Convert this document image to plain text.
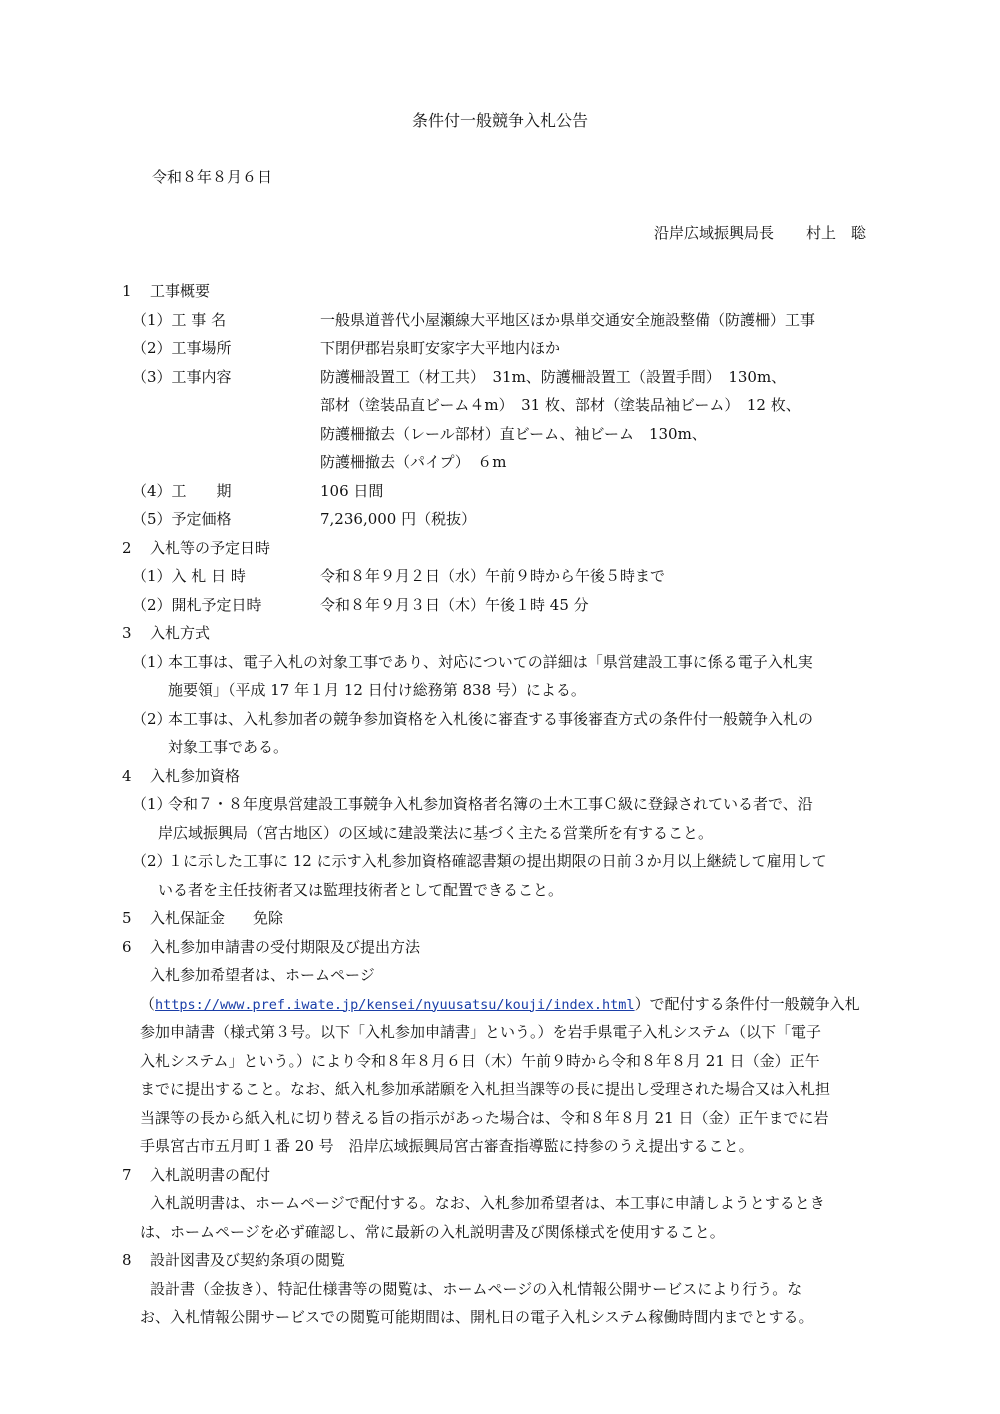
条件付一般競争入札公告
令和８年８月６日
沿岸広域振興局長 村上　聡
1 工事概要
（1）工 事 名	一般県道普代小屋瀬線大平地区ほか県単交通安全施設整備（防護柵）工事
（2）工事場所	下閉伊郡岩泉町安家字大平地内ほか
（3）工事内容	防護柵設置工（材工共）　31m、防護柵設置工（設置手間）　130m、
部材（塗装品直ビーム４m）　31 枚、部材（塗装品袖ビーム）　12 枚、
防護柵撤去（レール部材）直ビーム、袖ビーム　130m、
防護柵撤去（パイプ）　６m
（4）工　　期	106 日間
（5）予定価格	7,236,000 円（税抜）
2 入札等の予定日時
（1）入 札 日 時	令和８年９月２日（水）午前９時から午後５時まで
（2）開札予定日時	令和８年９月３日（木）午後１時 45 分
3 入札方式
（1）
本工事は、電子入札の対象工事であり、対応についての詳細は「県営建設工事に係る電子入札実
施要領」（平成 17 年１月 12 日付け総務第 838 号）による。
（2）
本工事は、入札参加者の競争参加資格を入札後に審査する事後審査方式の条件付一般競争入札の
対象工事である。
4 入札参加資格
（1）
令和７・８年度県営建設工事競争入札参加資格者名簿の土木工事Ｃ級に登録されている者で、沿
岸広域振興局（宮古地区）の区域に建設業法に基づく主たる営業所を有すること。
（2）
１に示した工事に 12 に示す入札参加資格確認書類の提出期限の日前３か月以上継続して雇用して
いる者を主任技術者又は監理技術者として配置できること。
5 入札保証金 免除
6 入札参加申請書の受付期限及び提出方法
入札参加希望者は、ホームページ
（https://www.pref.iwate.jp/kensei/nyuusatsu/kouji/index.html）で配付する条件付一般競争入札
参加申請書（様式第３号。以下「入札参加申請書」という。）を岩手県電子入札システム（以下「電子
入札システム」という。）により令和８年８月６日（木）午前９時から令和８年８月 21 日（金）正午
までに提出すること。なお、紙入札参加承諾願を入札担当課等の長に提出し受理された場合又は入札担
当課等の長から紙入札に切り替える旨の指示があった場合は、令和８年８月 21 日（金）正午までに岩
手県宮古市五月町１番 20 号　沿岸広域振興局宮古審査指導監に持参のうえ提出すること。
7 入札説明書の配付
入札説明書は、ホームページで配付する。なお、入札参加希望者は、本工事に申請しようとするとき
は、ホームページを必ず確認し、常に最新の入札説明書及び関係様式を使用すること。
8 設計図書及び契約条項の閲覧
設計書（金抜き）、特記仕様書等の閲覧は、ホームページの入札情報公開サービスにより行う。な
お、入札情報公開サービスでの閲覧可能期間は、開札日の電子入札システム稼働時間内までとする。
